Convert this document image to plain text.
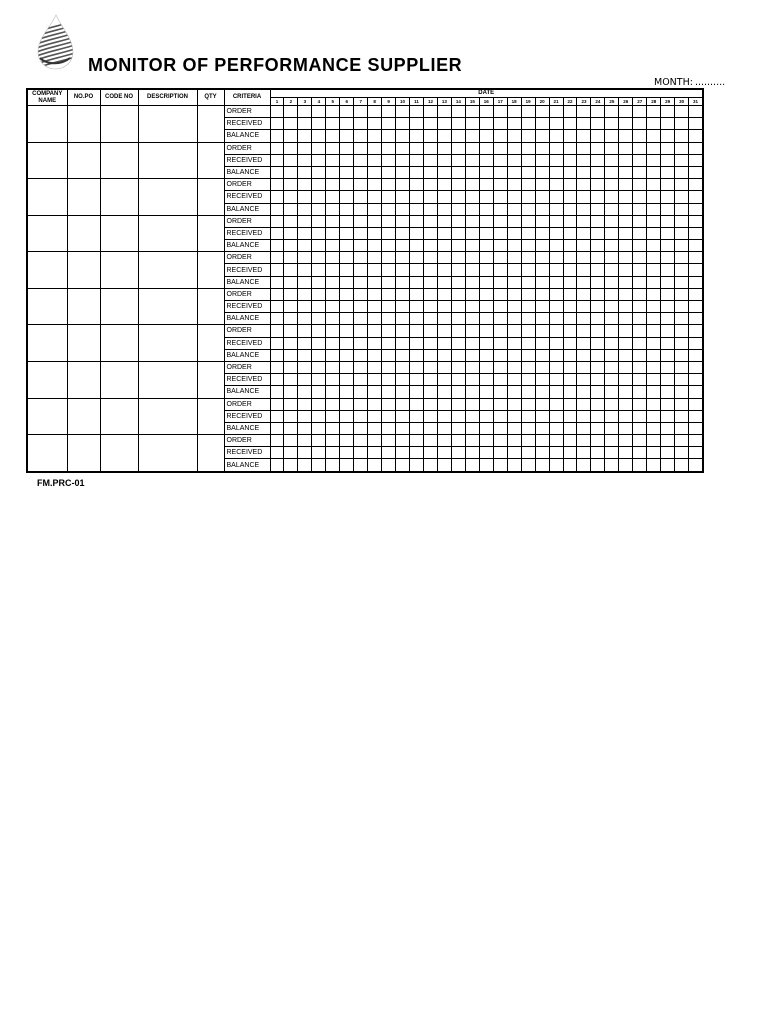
MONITOR OF PERFORMANCE SUPPLIER
MONTH: ..........
COMPANY NAME	NO.PO	CODE NO	DESCRIPTION	QTY	CRITERIA	DATE																														
						1	2	3	4	5	6	7	8	9	10	11	12	13	14	15	16	17	18	19	20	21	22	23	24	25	26	27	28	29	30	31
					ORDER																															
					RECEIVED																															
					BALANCE																															
					ORDER																															
					RECEIVED																															
					BALANCE																															
					ORDER																															
					RECEIVED																															
					BALANCE																															
					ORDER																															
					RECEIVED																															
					BALANCE																															
					ORDER																															
					RECEIVED																															
					BALANCE																															
					ORDER																															
					RECEIVED																															
					BALANCE																															
					ORDER																															
					RECEIVED																															
					BALANCE																															
					ORDER																															
					RECEIVED																															
					BALANCE																															
					ORDER																															
					RECEIVED																															
					BALANCE																															
					ORDER																															
					RECEIVED																															
					BALANCE																															
FM.PRC-01
